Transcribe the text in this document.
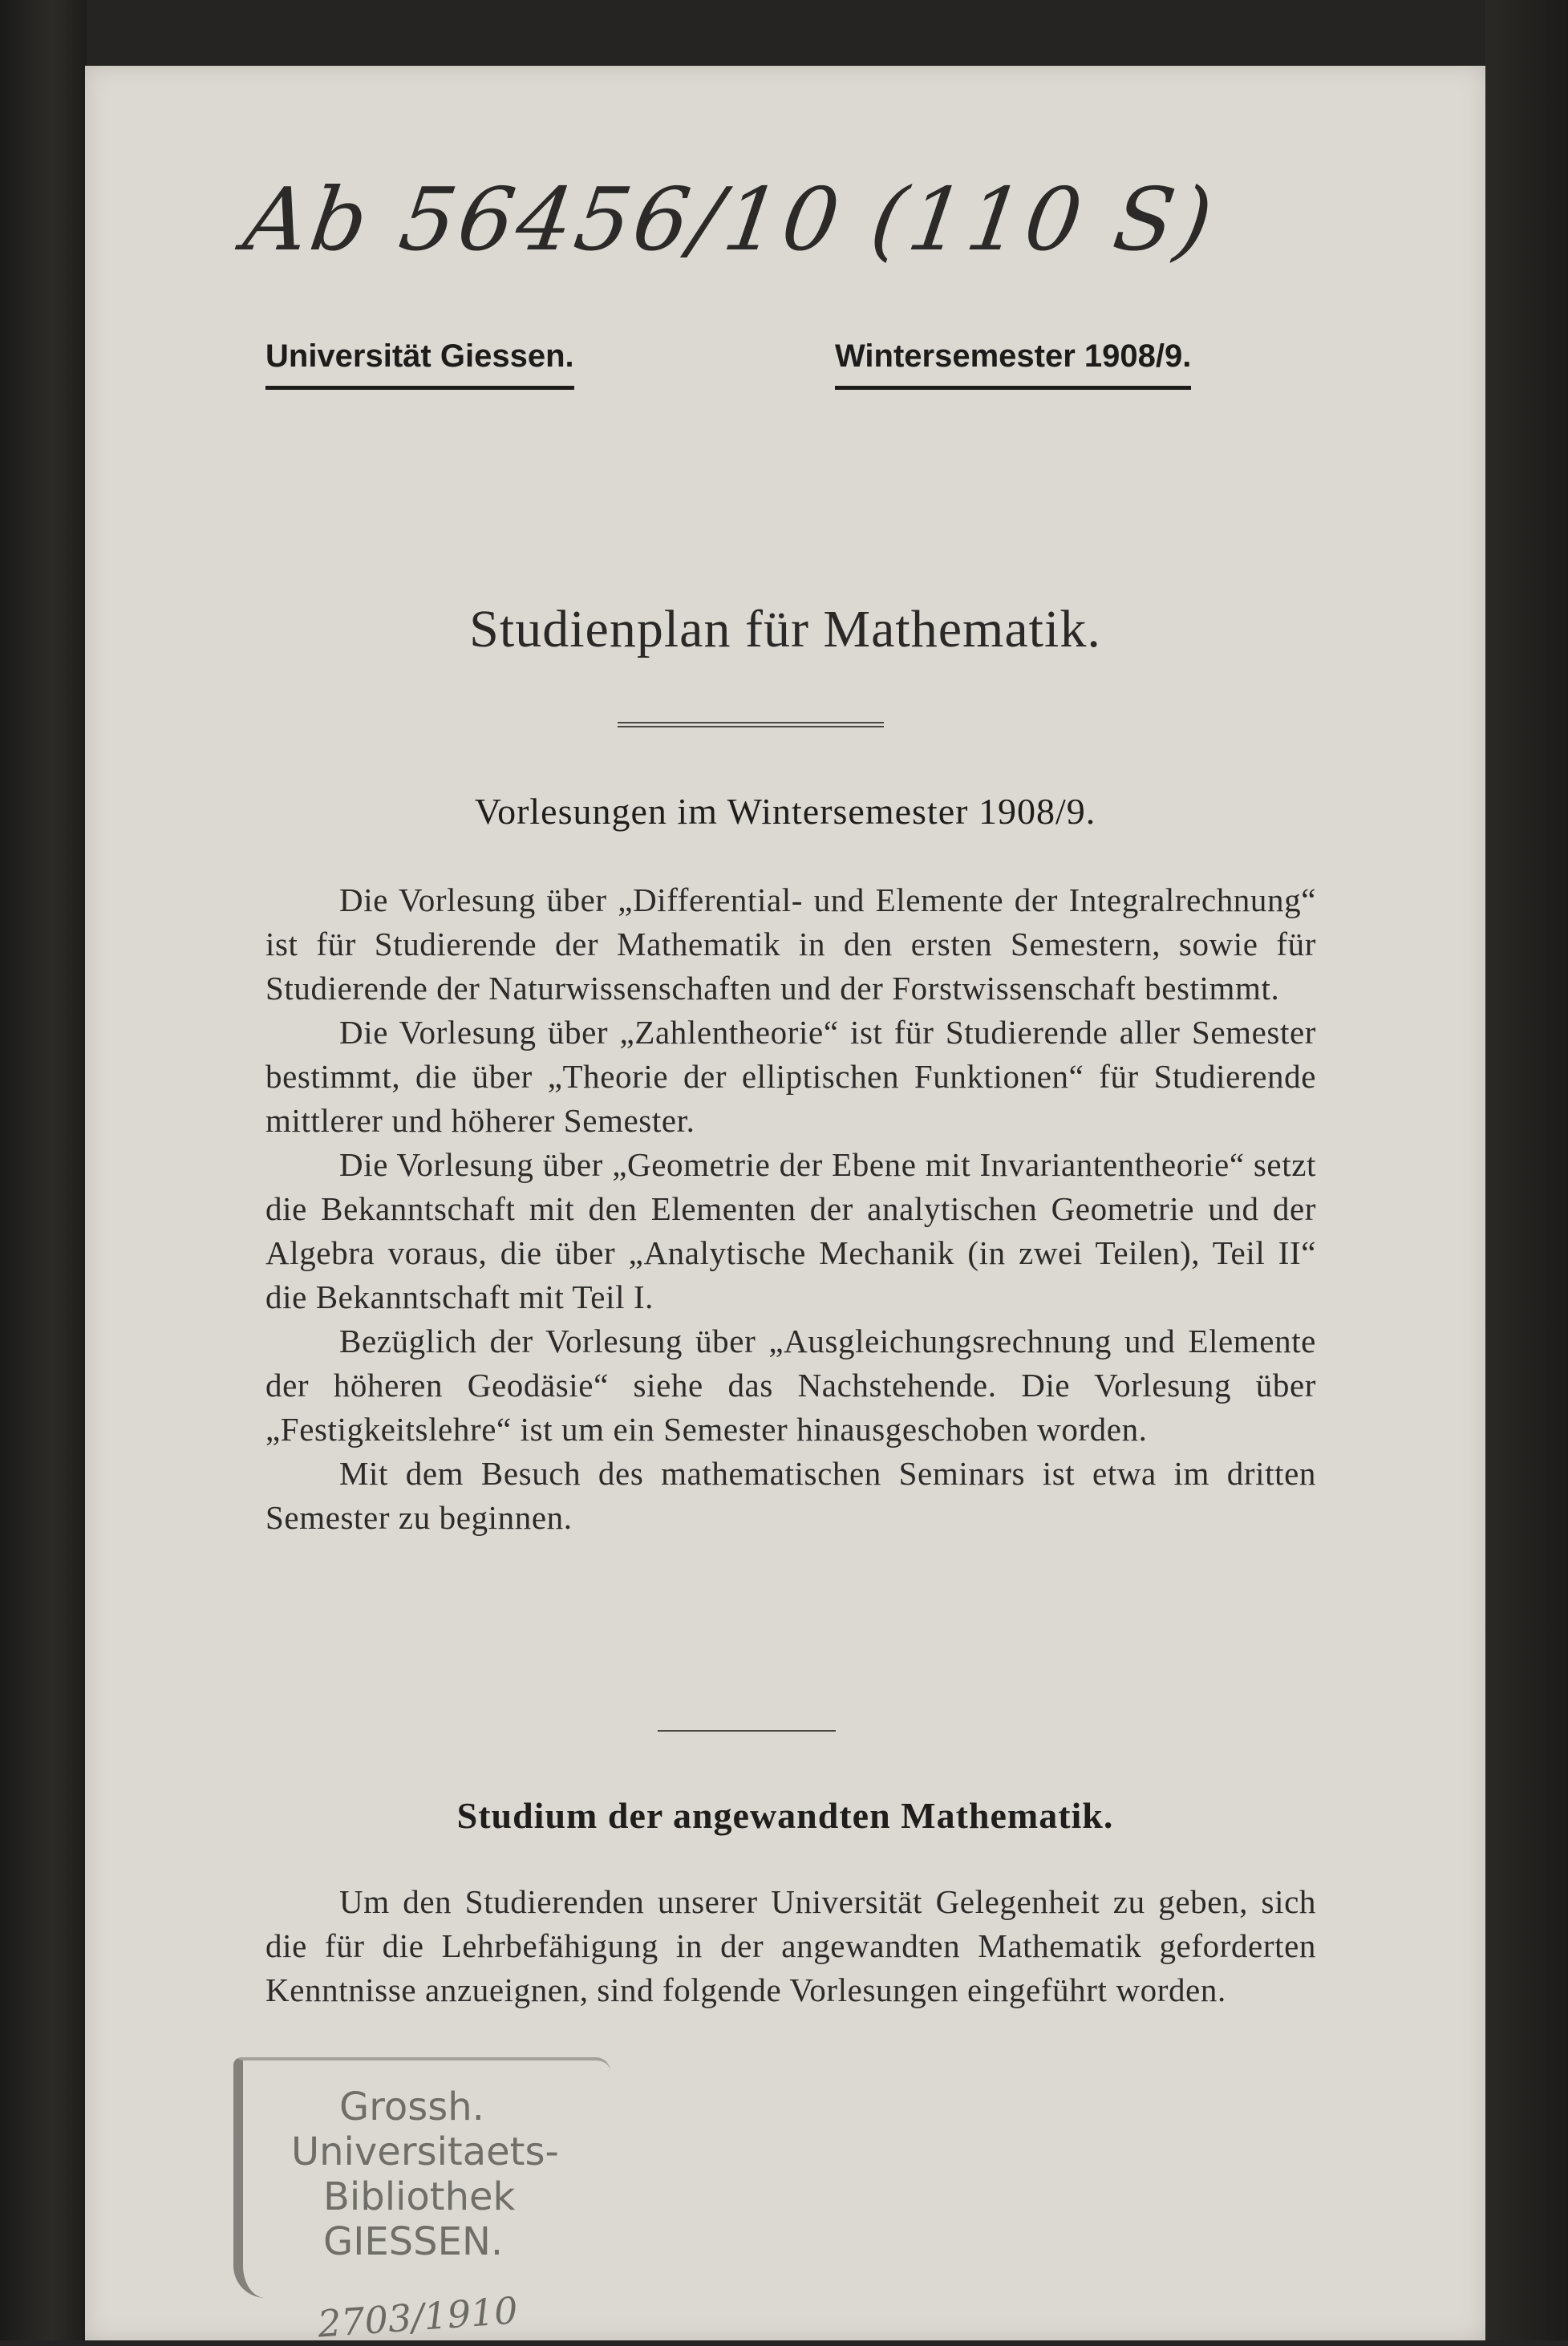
Ab 56456/10 (110 S)
Universität Giessen.	Wintersemester 1908/9.
Studienplan für Mathematik.
Vorlesungen im Wintersemester 1908/9.

Die Vorlesung über „Differential- und Elemente der Integralrechnung“ ist für Studierende der Mathematik in den ersten Semestern, sowie für Studierende der Naturwissenschaften und der Forstwissenschaft bestimmt.

Die Vorlesung über „Zahlentheorie“ ist für Studierende aller Semester bestimmt, die über „Theorie der elliptischen Funktionen“ für Studierende mittlerer und höherer Semester.

Die Vorlesung über „Geometrie der Ebene mit Invariantentheorie“ setzt die Bekanntschaft mit den Elementen der analytischen Geometrie und der Algebra voraus, die über „Analytische Mechanik (in zwei Teilen), Teil II“ die Bekanntschaft mit Teil I.

Bezüglich der Vorlesung über „Ausgleichungsrechnung und Elemente der höheren Geodäsie“ siehe das Nachstehende. Die Vorlesung über „Festigkeitslehre“ ist um ein Semester hinausgeschoben worden.

Mit dem Besuch des mathematischen Seminars ist etwa im dritten Semester zu beginnen.

Studium der angewandten Mathematik.

Um den Studierenden unserer Universität Gelegenheit zu geben, sich die für die Lehrbefähigung in der angewandten Mathematik geforderten Kenntnisse anzueignen, sind folgende Vorlesungen eingeführt worden.

Grossh.
Universitaets-
Bibliothek
GIESSEN.
2703/1910
